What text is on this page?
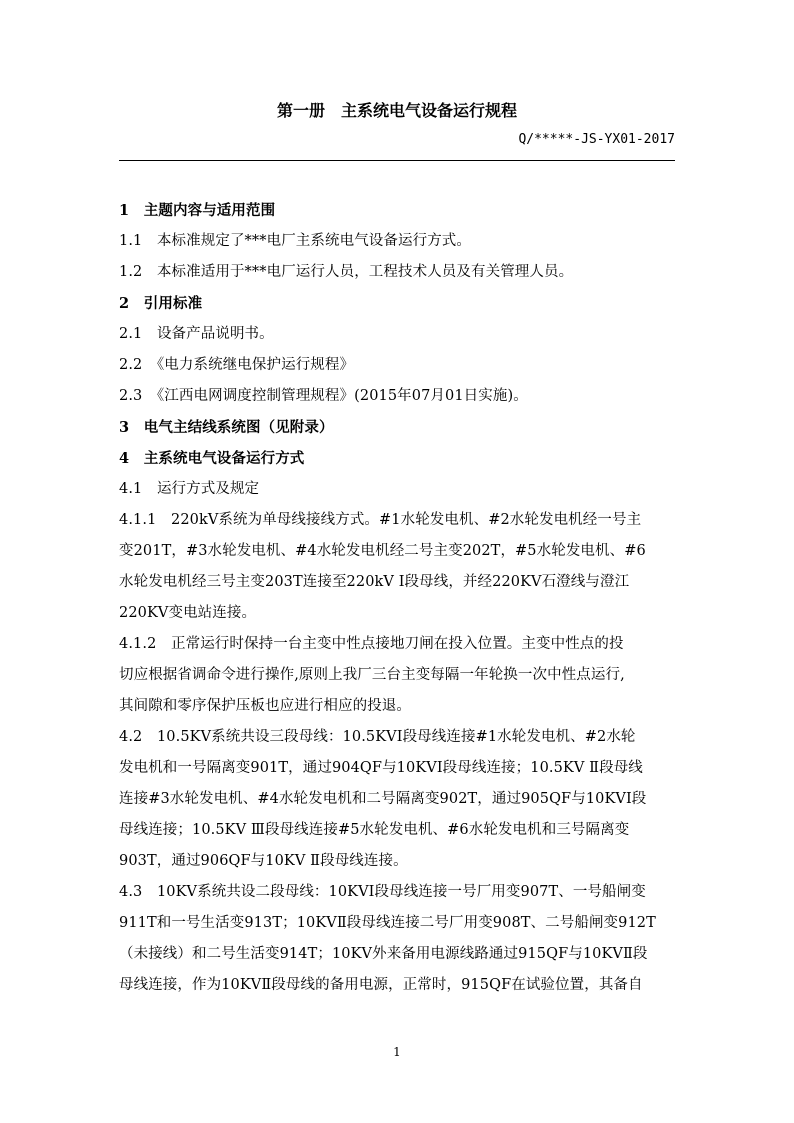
第一册　主系统电气设备运行规程
Q/*****-JS-YX01-2017
1　主题内容与适用范围
1.1　本标准规定了***电厂主系统电气设备运行方式。
1.2　本标准适用于***电厂运行人员，工程技术人员及有关管理人员。
2　引用标准
2.1　设备产品说明书。
2.2　《电力系统继电保护运行规程》
2.3　《江西电网调度控制管理规程》(2015年07月01日实施)。
3　电气主结线系统图（见附录）
4　主系统电气设备运行方式
4.1　运行方式及规定
4.1.1　220kV系统为单母线接线方式。#1水轮发电机、#2水轮发电机经一号主
变201T，#3水轮发电机、#4水轮发电机经二号主变202T，#5水轮发电机、#6
水轮发电机经三号主变203T连接至220kV Ⅰ段母线，并经220KV石澄线与澄江
220KV变电站连接。
4.1.2　正常运行时保持一台主变中性点接地刀闸在投入位置。主变中性点的投
切应根据省调命令进行操作,原则上我厂三台主变每隔一年轮换一次中性点运行,
其间隙和零序保护压板也应进行相应的投退。
4.2　10.5KV系统共设三段母线：10.5KVⅠ段母线连接#1水轮发电机、#2水轮
发电机和一号隔离变901T，通过904QF与10KVI段母线连接；10.5KV Ⅱ段母线
连接#3水轮发电机、#4水轮发电机和二号隔离变902T，通过905QF与10KVI段
母线连接；10.5KV Ⅲ段母线连接#5水轮发电机、#6水轮发电机和三号隔离变
903T，通过906QF与10KV Ⅱ段母线连接。
4.3　10KV系统共设二段母线：10KVⅠ段母线连接一号厂用变907T、一号船闸变
911T和一号生活变913T；10KVⅡ段母线连接二号厂用变908T、二号船闸变912T
（未接线）和二号生活变914T；10KV外来备用电源线路通过915QF与10KVⅡ段
母线连接，作为10KVⅡ段母线的备用电源，正常时，915QF在试验位置，其备自
1
